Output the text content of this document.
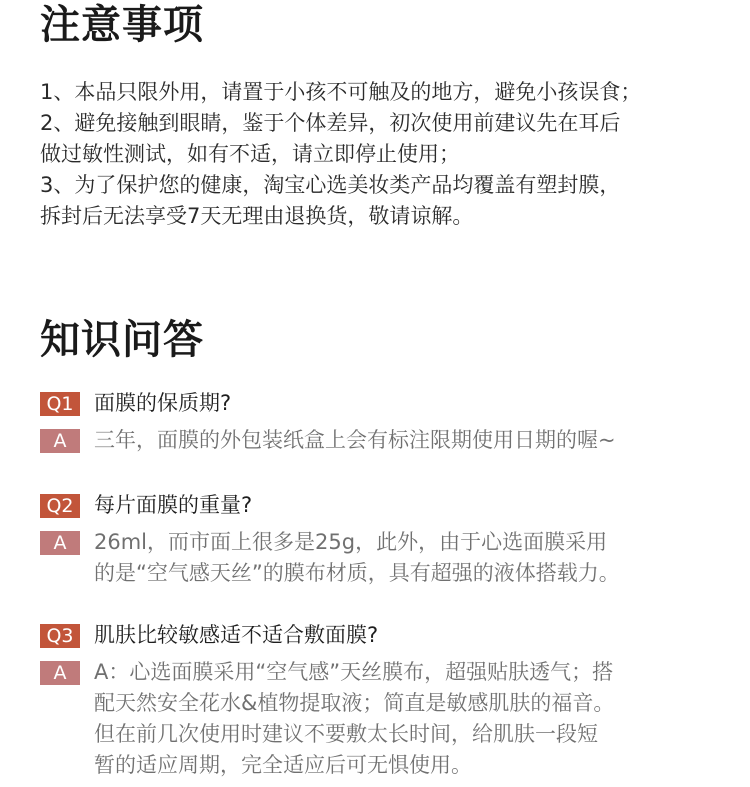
注意事项
1、本品只限外用，请置于小孩不可触及的地方，避免小孩误食；
2、避免接触到眼睛，鉴于个体差异，初次使用前建议先在耳后
做过敏性测试，如有不适，请立即停止使用；
3、为了保护您的健康，淘宝心选美妆类产品均覆盖有塑封膜，
拆封后无法享受7天无理由退换货，敬请谅解。
知识问答
Q1 面膜的保质期?
A	三年，面膜的外包装纸盒上会有标注限期使用日期的喔~
Q2 每片面膜的重量?
A	26ml，而市面上很多是25g，此外，由于心选面膜采用
的是“空气感天丝”的膜布材质，具有超强的液体搭载力。
Q3 肌肤比较敏感适不适合敷面膜?
A	A：心选面膜采用“空气感”天丝膜布，超强贴肤透气；搭
配天然安全花水&植物提取液；简直是敏感肌肤的福音。
但在前几次使用时建议不要敷太长时间，给肌肤一段短
暂的适应周期，完全适应后可无惧使用。
